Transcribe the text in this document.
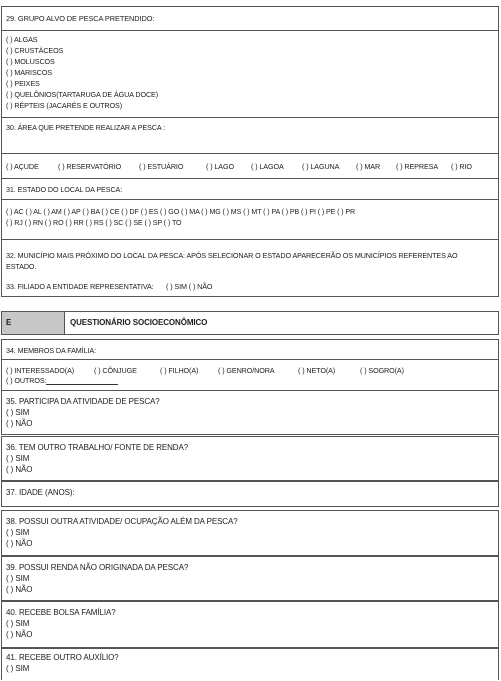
29. GRUPO ALVO DE PESCA PRETENDIDO:
( ) ALGAS
( ) CRUSTÁCEOS
( ) MOLUSCOS
( ) MARISCOS
( ) PEIXES
( ) QUELÔNIOS(TARTARUGA DE ÁGUA DOCE)
( ) RÉPTEIS (JACARÉS E OUTROS)
30. ÁREA QUE PRETENDE REALIZAR A PESCA :
( ) AÇUDE	( ) RESERVATÓRIO ( ) ESTUÁRIO	( ) LAGO ( ) LAGOA	( ) LAGUNA ( ) MAR ( ) REPRESA ( ) RIO
31. ESTADO DO LOCAL DA PESCA:
( ) AC ( ) AL ( ) AM ( ) AP ( ) BA ( ) CE ( ) DF ( ) ES ( ) GO ( ) MA ( ) MG ( ) MS ( ) MT ( ) PA ( ) PB ( ) PI ( ) PE ( ) PR
( ) RJ ( ) RN ( ) RO ( ) RR ( ) RS ( ) SC ( ) SE ( ) SP ( ) TO
32. MUNICÍPIO MAIS PRÓXIMO DO LOCAL DA PESCA: APÓS SELECIONAR O ESTADO APARECERÃO OS MUNICÍPIOS REFERENTES AO
ESTADO.
33. FILIADO A ENTIDADE REPRESENTATIVA: ( ) SIM ( ) NÃO
E	QUESTIONÁRIO SOCIOECONÔMICO
34. MEMBROS DA FAMÍLIA:
( ) INTERESSADO(A)	( ) CÔNJUGE	( ) FILHO(A)	( ) GENRO/NORA	( ) NETO(A)	( ) SOGRO(A)
( ) OUTROS:
35. PARTICIPA DA ATIVIDADE DE PESCA?
( ) SIM
( ) NÃO
36. TEM OUTRO TRABALHO/ FONTE DE RENDA?
( ) SIM
( ) NÃO
37. IDADE (ANOS):
38. POSSUI OUTRA ATIVIDADE/ OCUPAÇÃO ALÉM DA PESCA?
( ) SIM
( ) NÃO
39. POSSUI RENDA NÃO ORIGINADA DA PESCA?
( ) SIM
( ) NÃO
40. RECEBE BOLSA FAMÍLIA?
( ) SIM
( ) NÃO
41. RECEBE OUTRO AUXÍLIO?
( ) SIM
